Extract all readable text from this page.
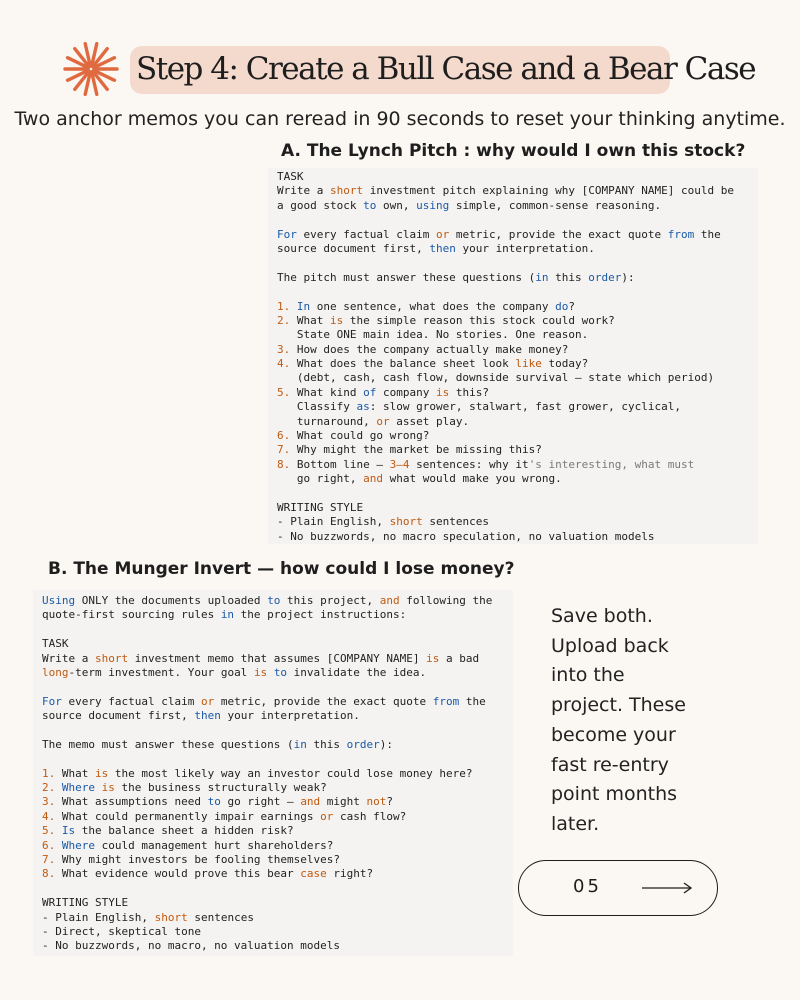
Step 4: Create a Bull Case and a Bear Case
Two anchor memos you can reread in 90 seconds to reset your thinking anytime.
A. The Lynch Pitch : why would I own this stock?
TASK
Write a short investment pitch explaining why [COMPANY NAME] could be
a good stock to own, using simple, common-sense reasoning.
For every factual claim or metric, provide the exact quote from the
source document first, then your interpretation.
The pitch must answer these questions (in this order):
1. In one sentence, what does the company do?
2. What is the simple reason this stock could work?
State ONE main idea. No stories. One reason.
3. How does the company actually make money?
4. What does the balance sheet look like today?
(debt, cash, cash flow, downside survival — state which period)
5. What kind of company is this?
Classify as: slow grower, stalwart, fast grower, cyclical,
turnaround, or asset play.
6. What could go wrong?
7. Why might the market be missing this?
8. Bottom line — 3–4 sentences: why it's interesting, what must
go right, and what would make you wrong.
WRITING STYLE
- Plain English, short sentences
- No buzzwords, no macro speculation, no valuation models
B. The Munger Invert — how could I lose money?
Using ONLY the documents uploaded to this project, and following the
quote-first sourcing rules in the project instructions:
TASK
Write a short investment memo that assumes [COMPANY NAME] is a bad
long-term investment. Your goal is to invalidate the idea.
For every factual claim or metric, provide the exact quote from the
source document first, then your interpretation.
The memo must answer these questions (in this order):
1. What is the most likely way an investor could lose money here?
2. Where is the business structurally weak?
3. What assumptions need to go right — and might not?
4. What could permanently impair earnings or cash flow?
5. Is the balance sheet a hidden risk?
6. Where could management hurt shareholders?
7. Why might investors be fooling themselves?
8. What evidence would prove this bear case right?
WRITING STYLE
- Plain English, short sentences
- Direct, skeptical tone
- No buzzwords, no macro, no valuation models
Save both.
Upload back
into the
project. These
become your
fast re-entry
point months
later.
05
